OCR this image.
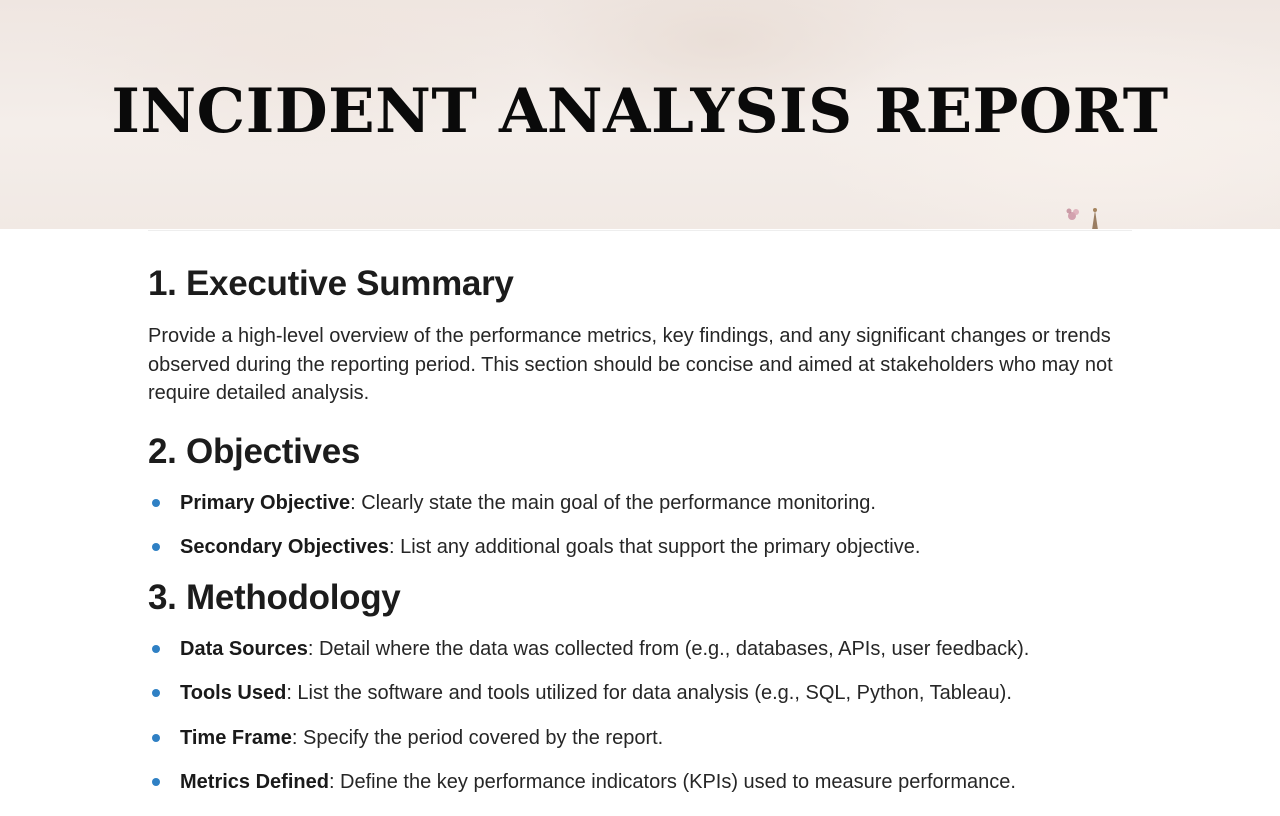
INCIDENT ANALYSIS REPORT
1. Executive Summary

Provide a high-level overview of the performance metrics, key findings, and any significant changes or trends observed during the reporting period. This section should be concise and aimed at stakeholders who may not require detailed analysis.

2. Objectives
Primary Objective: Clearly state the main goal of the performance monitoring.
Secondary Objectives: List any additional goals that support the primary objective.
3. Methodology
Data Sources: Detail where the data was collected from (e.g., databases, APIs, user feedback).
Tools Used: List the software and tools utilized for data analysis (e.g., SQL, Python, Tableau).
Time Frame: Specify the period covered by the report.
Metrics Defined: Define the key performance indicators (KPIs) used to measure performance.
